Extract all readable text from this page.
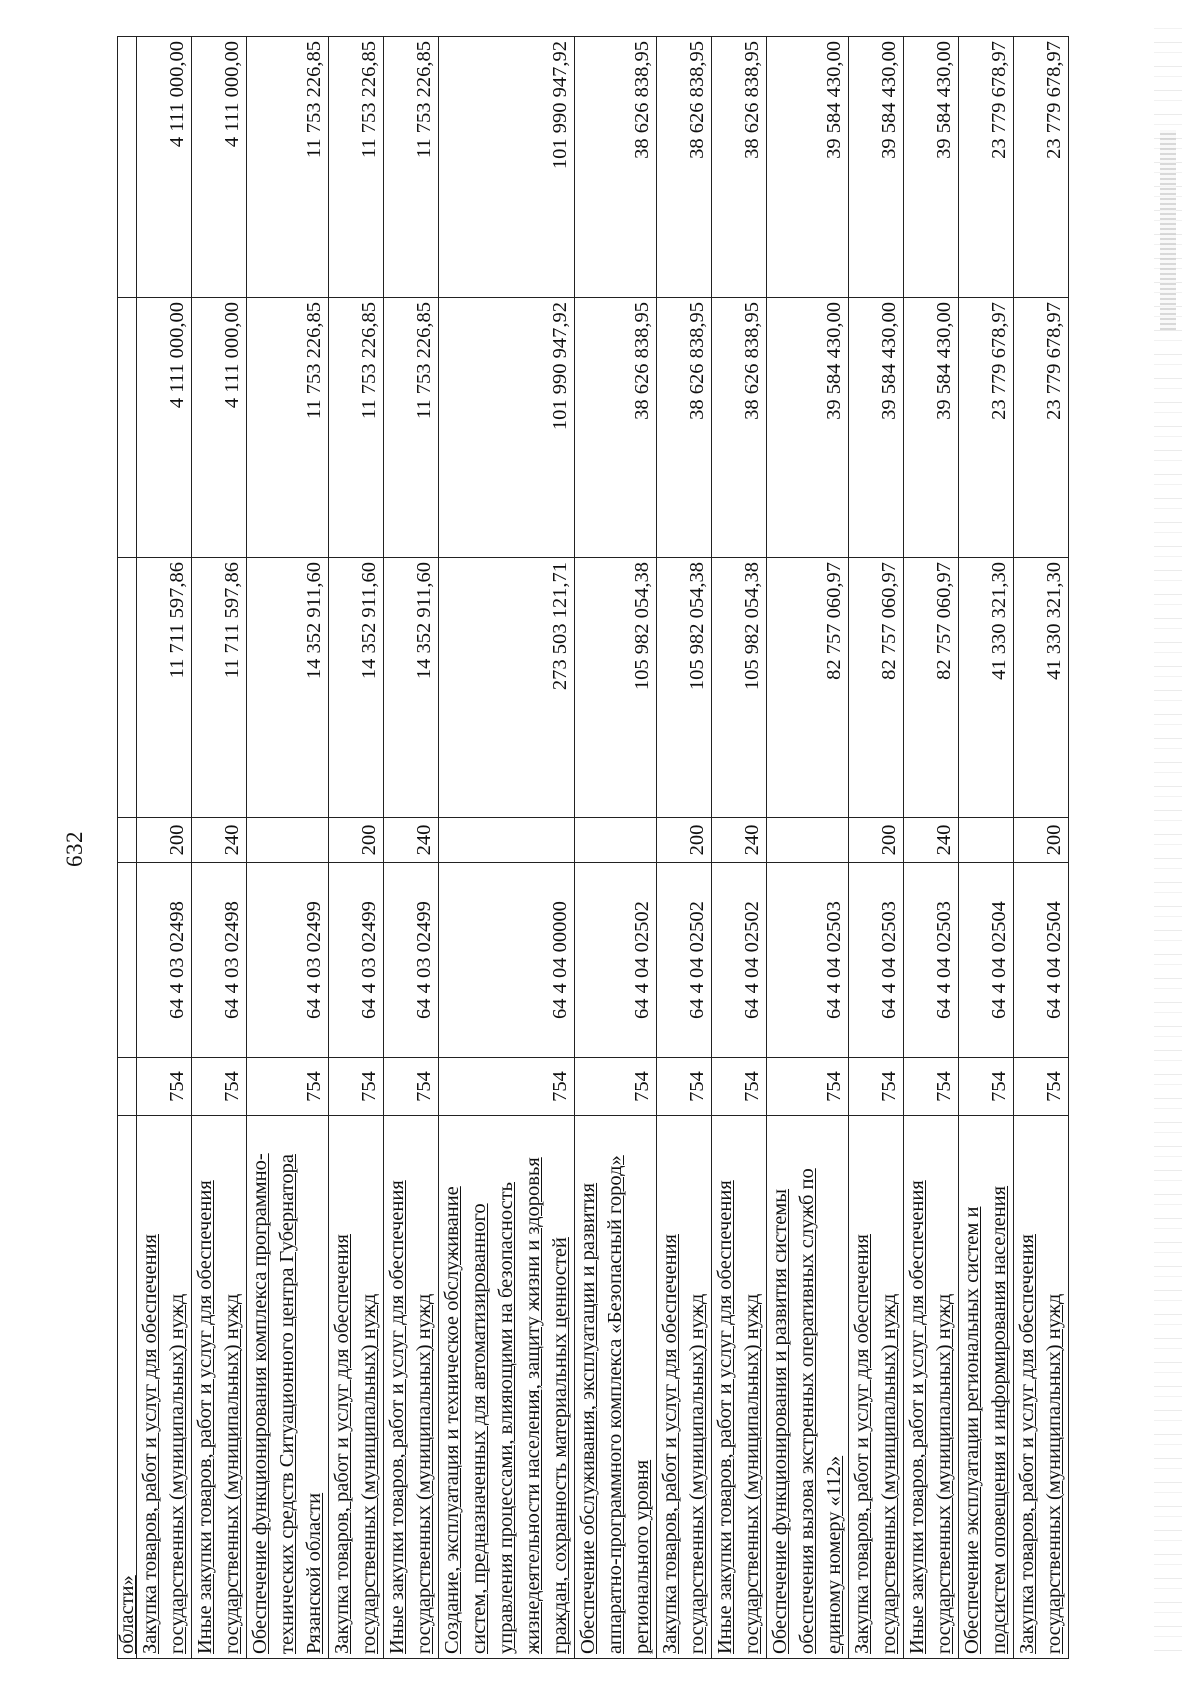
632
области»						
Закупка товаров, работ и услуг для обеспечения государственных (муниципальных) нужд	754	64 4 03 02498	200	11 711 597,86	4 111 000,00	4 111 000,00
Иные закупки товаров, работ и услуг для обеспечения государственных (муниципальных) нужд	754	64 4 03 02498	240	11 711 597,86	4 111 000,00	4 111 000,00
Обеспечение функционирования комплекса программно-технических средств Ситуационного центра Губернатора Рязанской области	754	64 4 03 02499		14 352 911,60	11 753 226,85	11 753 226,85
Закупка товаров, работ и услуг для обеспечения государственных (муниципальных) нужд	754	64 4 03 02499	200	14 352 911,60	11 753 226,85	11 753 226,85
Иные закупки товаров, работ и услуг для обеспечения государственных (муниципальных) нужд	754	64 4 03 02499	240	14 352 911,60	11 753 226,85	11 753 226,85
Создание, эксплуатация и техническое обслуживание систем, предназначенных для автоматизированного управления процессами, влияющими на безопасность жизнедеятельности населения, защиту жизни и здоровья граждан, сохранность материальных ценностей	754	64 4 04 00000		273 503 121,71	101 990 947,92	101 990 947,92
Обеспечение обслуживания, эксплуатации и развития аппаратно-программного комплекса «Безопасный город» регионального уровня	754	64 4 04 02502		105 982 054,38	38 626 838,95	38 626 838,95
Закупка товаров, работ и услуг для обеспечения государственных (муниципальных) нужд	754	64 4 04 02502	200	105 982 054,38	38 626 838,95	38 626 838,95
Иные закупки товаров, работ и услуг для обеспечения государственных (муниципальных) нужд	754	64 4 04 02502	240	105 982 054,38	38 626 838,95	38 626 838,95
Обеспечение функционирования и развития системы обеспечения вызова экстренных оперативных служб по единому номеру «112»	754	64 4 04 02503		82 757 060,97	39 584 430,00	39 584 430,00
Закупка товаров, работ и услуг для обеспечения государственных (муниципальных) нужд	754	64 4 04 02503	200	82 757 060,97	39 584 430,00	39 584 430,00
Иные закупки товаров, работ и услуг для обеспечения государственных (муниципальных) нужд	754	64 4 04 02503	240	82 757 060,97	39 584 430,00	39 584 430,00
Обеспечение эксплуатации региональных систем и подсистем оповещения и информирования населения	754	64 4 04 02504		41 330 321,30	23 779 678,97	23 779 678,97
Закупка товаров, работ и услуг для обеспечения государственных (муниципальных) нужд	754	64 4 04 02504	200	41 330 321,30	23 779 678,97	23 779 678,97
